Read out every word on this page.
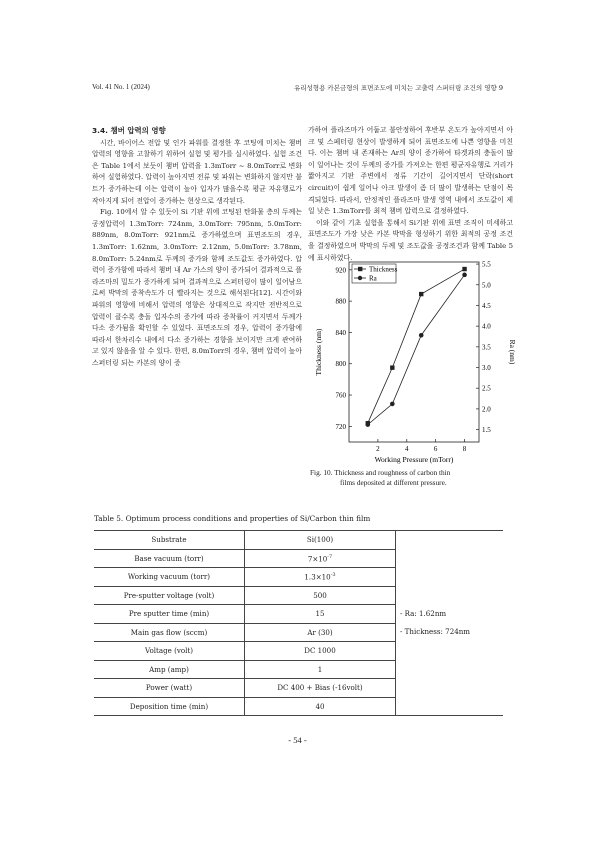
Vol. 41 No. 1 (2024)	유리성형용 카본금형의 표면조도에 미치는 고출력 스퍼터링 조건의 영향 9
3.4. 챔버 압력의 영향

시간, 바이어스 전압 및 인가 파워를 결정한 후 코팅에 미치는 챔버 압력의 영향을 고찰하기 위하여 실험 및 평가를 실시하였다. 실험 조건은 Table 1에서 보듯이 챔버 압력을 1.3mTorr ~ 8.0mTorr로 변화하여 실험하였다. 압력이 높아지면 전류 및 파워는 변화하지 않지만 불트가 증가하는데 이는 압력이 높아 입자가 많을수록 평균 자유행로가 작아지게 되어 전압이 증가하는 현상으로 생각된다.

Fig. 10에서 알 수 있듯이 Si 기판 위에 코팅된 탄화물 층의 두께는 공정압력이 1.3mTorr: 724nm, 3.0mTorr: 795nm, 5.0mTorr: 889nm, 8.0mTorr: 921nm로 증가하였으며 표면조도의 경우, 1.3mTorr: 1.62nm, 3.0mTorr: 2.12nm, 5.0mTorr: 3.78nm, 8.0mTorr: 5.24nm로 두께의 증가와 함께 조도값도 증가하였다. 압력이 증가함에 따라서 챔버 내 Ar 가스의 양이 증가되어 결과적으로 플라즈마의 밀도가 증가하게 되며 결과적으로 스퍼터링이 많이 일어남으로써 박막의 증착속도가 더 빨라지는 것으로 해석된다[12]. 시간이와 파워의 영향에 비해서 압력의 영향은 상대적으로 작지만 전반적으로 압력이 클수록 충돌 입자수의 증가에 따라 증착률이 커지면서 두께가 다소 증가됨을 확인할 수 있었다. 표면조도의 경우, 압력이 증가함에 따라서 한차리수 내에서 다소 증가하는 경향을 보이지만 크게 관여하고 있지 않음을 알 수 있다. 한편, 8.0mTorr의 경우, 챔버 압력이 높아 스퍼터링 되는 카본의 양이 증

가하여 플라즈마가 어둡고 불안정하여 후반부 온도가 높아지면서 아크 및 스페터링 현상이 발생하게 되어 표면조도에 나쁜 영향을 미친다. 이는 챔버 내 존재하는 Ar의 양이 증가하여 타겟과의 충돌이 많이 일어나는 것이 두께의 증가를 가져오는 한편 평균자유행로 거리가 짧아지고 기판 주변에서 정류 기간이 길어지면서 단락(short circuit)이 쉽게 일어나 아크 발생이 좀 더 많이 발생하는 단점이 목격되었다. 따라서, 안정적인 플라즈마 발생 영역 내에서 조도값이 제일 낮은 1.3mTorr를 최적 챔버 압력으로 결정하였다.

이와 같이 기초 실험을 통해서 Si기판 위에 표면 조직이 미세하고 표면조도가 가장 낮은 카본 박막을 형성하기 위한 최적의 공정 조건을 결정하였으며 박막의 두께 및 조도값을 공정조건과 함께 Table 5에 표시하였다.

2	4	6	8
720
760
800
840
880
920
1.5
2.0
2.5
3.0
3.5
4.0
4.5
5.0
5.5
Working Pressure (mTorr)
Thickness (nm)	Ra (nm)
Thickness
Ra
Fig. 10. Thickness and roughness of carbon thin
films deposited at different pressure.
Table 5. Optimum process conditions and properties of Si/Carbon thin film
Substrate	Si(100)	- Ra: 1.62nm
- Thickness: 724nm

Base vacuum (torr)	$7\times 10^{-7}$
Working vacuum (torr)	$1.3\times 10^{-3}$
Pre-sputter voltage (volt)	500	
Pre sputter time (min)	15	
Main gas flow (sccm)	Ar (30)	
Voltage (volt)	DC 1000	
Amp (amp)	1	
Power (watt)	DC 400 + Bias (-16volt)	
Deposition time (min)	40	
- 54 -
